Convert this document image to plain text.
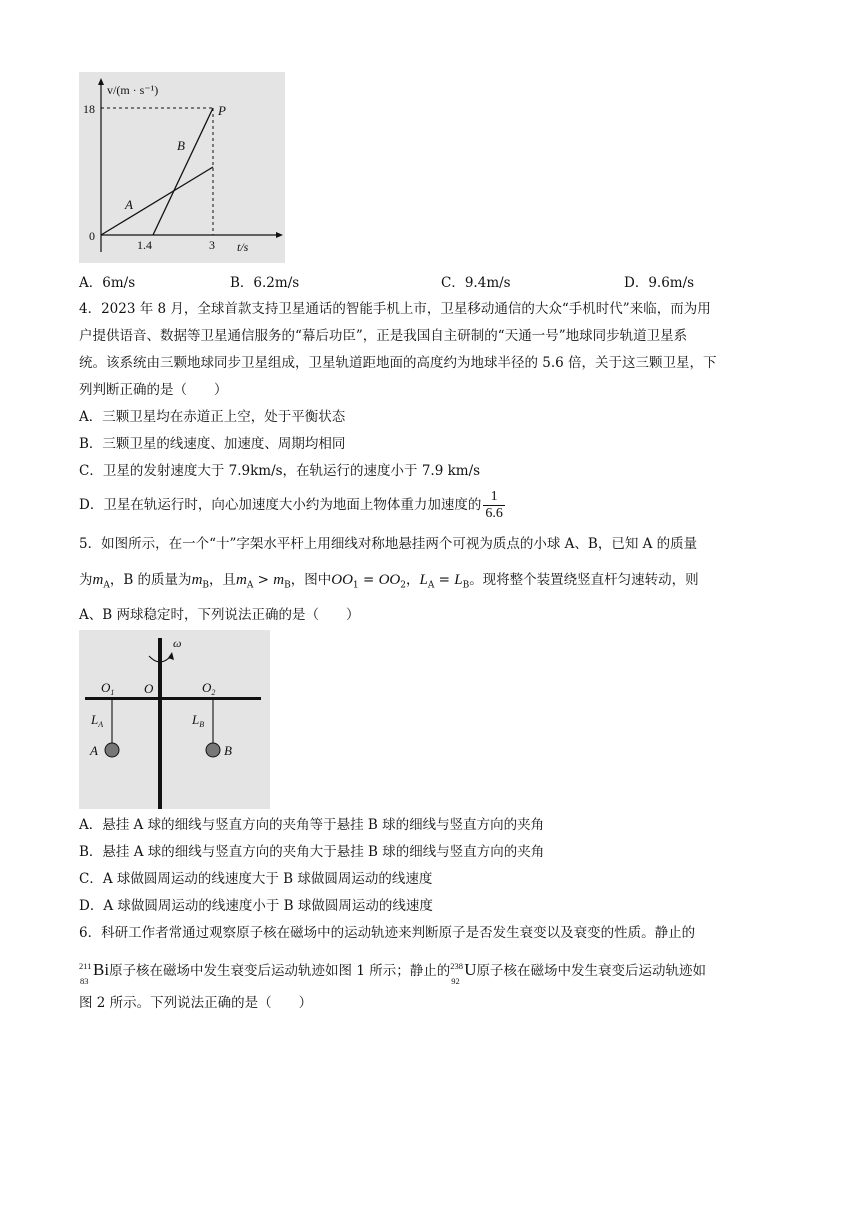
v/(m · s⁻¹)
18
0
1.4	3 t/s
A
B
P
A．6m/s	B．6.2m/s	C．9.4m/s	D．9.6m/s
4．2023 年 8 月，全球首款支持卫星通话的智能手机上市，卫星移动通信的大众“手机时代”来临，而为用
户提供语音、数据等卫星通信服务的“幕后功臣”，正是我国自主研制的“天通一号”地球同步轨道卫星系
统。该系统由三颗地球同步卫星组成，卫星轨道距地面的高度约为地球半径的 5.6 倍，关于这三颗卫星，下
列判断正确的是（　　）
A．三颗卫星均在赤道正上空，处于平衡状态
B．三颗卫星的线速度、加速度、周期均相同
C．卫星的发射速度大于 7.9km/s，在轨运行的速度小于 7.9 km/s
D．卫星在轨运行时，向心加速度大小约为地面上物体重力加速度的 $\frac{1}{6.6}$
5．如图所示，在一个“十”字架水平杆上用细线对称地悬挂两个可视为质点的小球 A、B，已知 A 的质量
为$m_A$，B 的质量为$m_B$，且$m_A > m_B$，图中$OO_1 = OO_2$，$L_A = L_B$。现将整个装置绕竖直杆匀速转动，则
A、B 两球稳定时，下列说法正确的是（　　）
ω
O
$O_1$	$O_2$
$L_A$	$L_B$
A	B
A．悬挂 A 球的细线与竖直方向的夹角等于悬挂 B 球的细线与竖直方向的夹角
B．悬挂 A 球的细线与竖直方向的夹角大于悬挂 B 球的细线与竖直方向的夹角
C．A 球做圆周运动的线速度大于 B 球做圆周运动的线速度
D．A 球做圆周运动的线速度小于 B 球做圆周运动的线速度
6．科研工作者常通过观察原子核在磁场中的运动轨迹来判断原子是否发生衰变以及衰变的性质。静止的
211
83
Bi原子核在磁场中发生衰变后运动轨迹如图 1 所示；静止的 238
92
U原子核在磁场中发生衰变后运动轨迹如
图 2 所示。下列说法正确的是（　　）
